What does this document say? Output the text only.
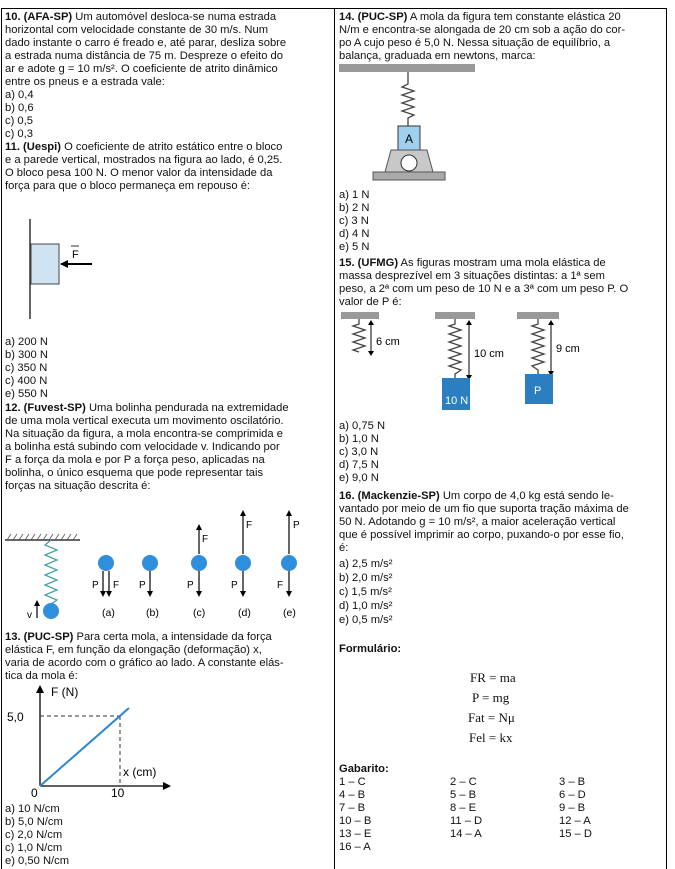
10. (AFA-SP) Um automóvel desloca-se numa estrada
horizontal com velocidade constante de 30 m/s. Num
dado instante o carro é freado e, até parar, desliza sobre
a estrada numa distância de 75 m. Despreze o efeito do
ar e adote g = 10 m/s². O coeficiente de atrito dinâmico
entre os pneus e a estrada vale:
a) 0,4
b) 0,6
c) 0,5
c) 0,3
11. (Uespi) O coeficiente de atrito estático entre o bloco
e a parede vertical, mostrados na figura ao lado, é 0,25.
O bloco pesa 100 N. O menor valor da intensidade da
força para que o bloco permaneça em repouso é:
F
a) 200 N
b) 300 N
c) 350 N
c) 400 N
e) 550 N
12. (Fuvest-SP) Uma bolinha pendurada na extremidade
de uma mola vertical executa um movimento oscilatório.
Na situação da figura, a mola encontra-se comprimida e
a bolinha está subindo com velocidade v. Indicando por
F a força da mola e por P a força peso, aplicadas na
bolinha, o único esquema que pode representar tais
forças na situação descrita é:
v
P F
(a)
P
(b)
F
P
(c)
F
P
(d)
P
F
(e)
13. (PUC-SP) Para certa mola, a intensidade da força
elástica F, em função da elongação (deformação) x,
varia de acordo com o gráfico ao lado. A constante elás-
tica da mola é:
F (N)
x (cm)
5,0
0	10
a) 10 N/cm
b) 5,0 N/cm
c) 2,0 N/cm
c) 1,0 N/cm
e) 0,50 N/cm
14. (PUC-SP) A mola da figura tem constante elástica 20
N/m e encontra-se alongada de 20 cm sob a ação do cor-
po A cujo peso é 5,0 N. Nessa situação de equilíbrio, a
balança, graduada em newtons, marca:
A
a) 1 N
b) 2 N
c) 3 N
d) 4 N
e) 5 N
15. (UFMG) As figuras mostram uma mola elástica de
massa desprezível em 3 situações distintas: a 1ª sem
peso, a 2ª com um peso de 10 N e a 3ª com um peso P. O
valor de P é:
6 cm
10 cm
10 N
9 cm
P
a) 0,75 N
b) 1,0 N
c) 3,0 N
d) 7,5 N
e) 9,0 N
16. (Mackenzie-SP) Um corpo de 4,0 kg está sendo le-
vantado por meio de um fio que suporta tração máxima de
50 N. Adotando g = 10 m/s², a maior aceleração vertical
que é possível imprimir ao corpo, puxando-o por esse fio,
é:
a) 2,5 m/s²
b) 2,0 m/s²
c) 1,5 m/s²
d) 1,0 m/s²
e) 0,5 m/s²
Formulário:
FR = ma
P = mg
Fat = Nμ
Fel = kx
Gabarito:
1 – C	2 – C	3 – B
4 – B	5 – B	6 – D
7 – B	8 – E	9 – B
10 – B	11 – D	12 – A
13 – E	14 – A	15 – D
16 – A
